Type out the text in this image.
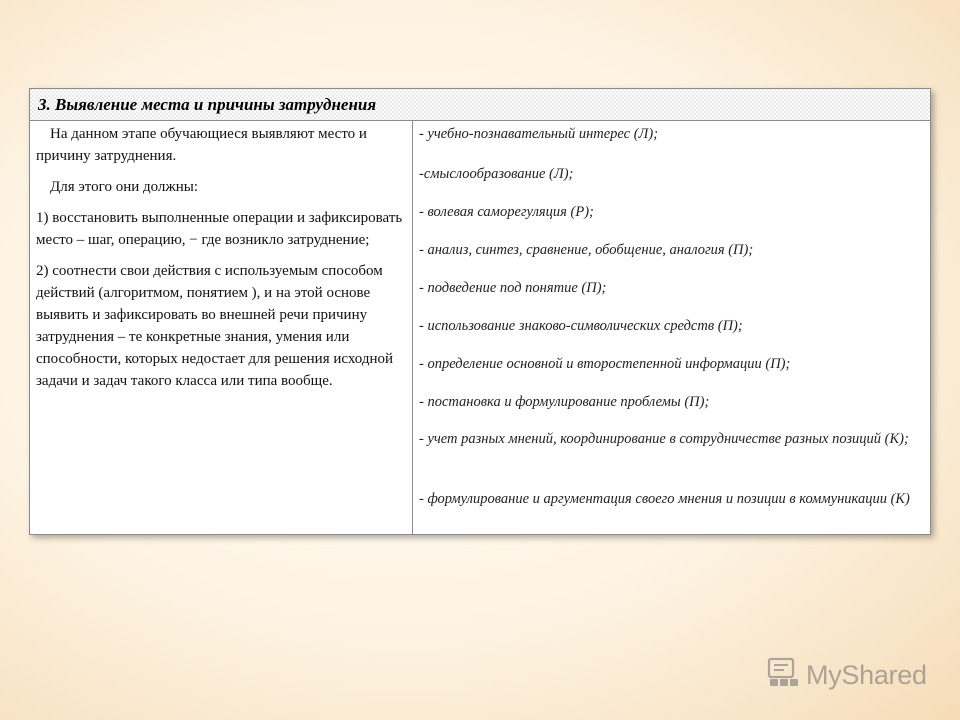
3. Выявление места и причины затруднения

На данном этапе обучающиеся выявляют место и причину затруднения.

Для этого они должны:

1) восстановить выполненные операции и зафиксировать место – шаг, операцию, − где возникло затруднение;

2) соотнести свои действия с используемым способом действий (алгоритмом, понятием ), и на этой основе выявить и зафиксировать во внешней речи причину затруднения – те конкретные знания, умения или способности, которых недостает для решения исходной задачи и задач такого класса или типа вообще.

- учебно-познавательный интерес (Л);
-смыслообразование (Л);
- волевая саморегуляция (Р);
- анализ, синтез, сравнение, обобщение, аналогия (П);
- подведение под понятие (П);
- использование знаково-символических средств (П);
- определение основной и второстепенной информации (П);
- постановка и формулирование проблемы (П);
- учет разных мнений, координирование в сотрудничестве разных позиций (К);
- формулирование и аргументация своего мнения и позиции в коммуникации (К)
MyShared
